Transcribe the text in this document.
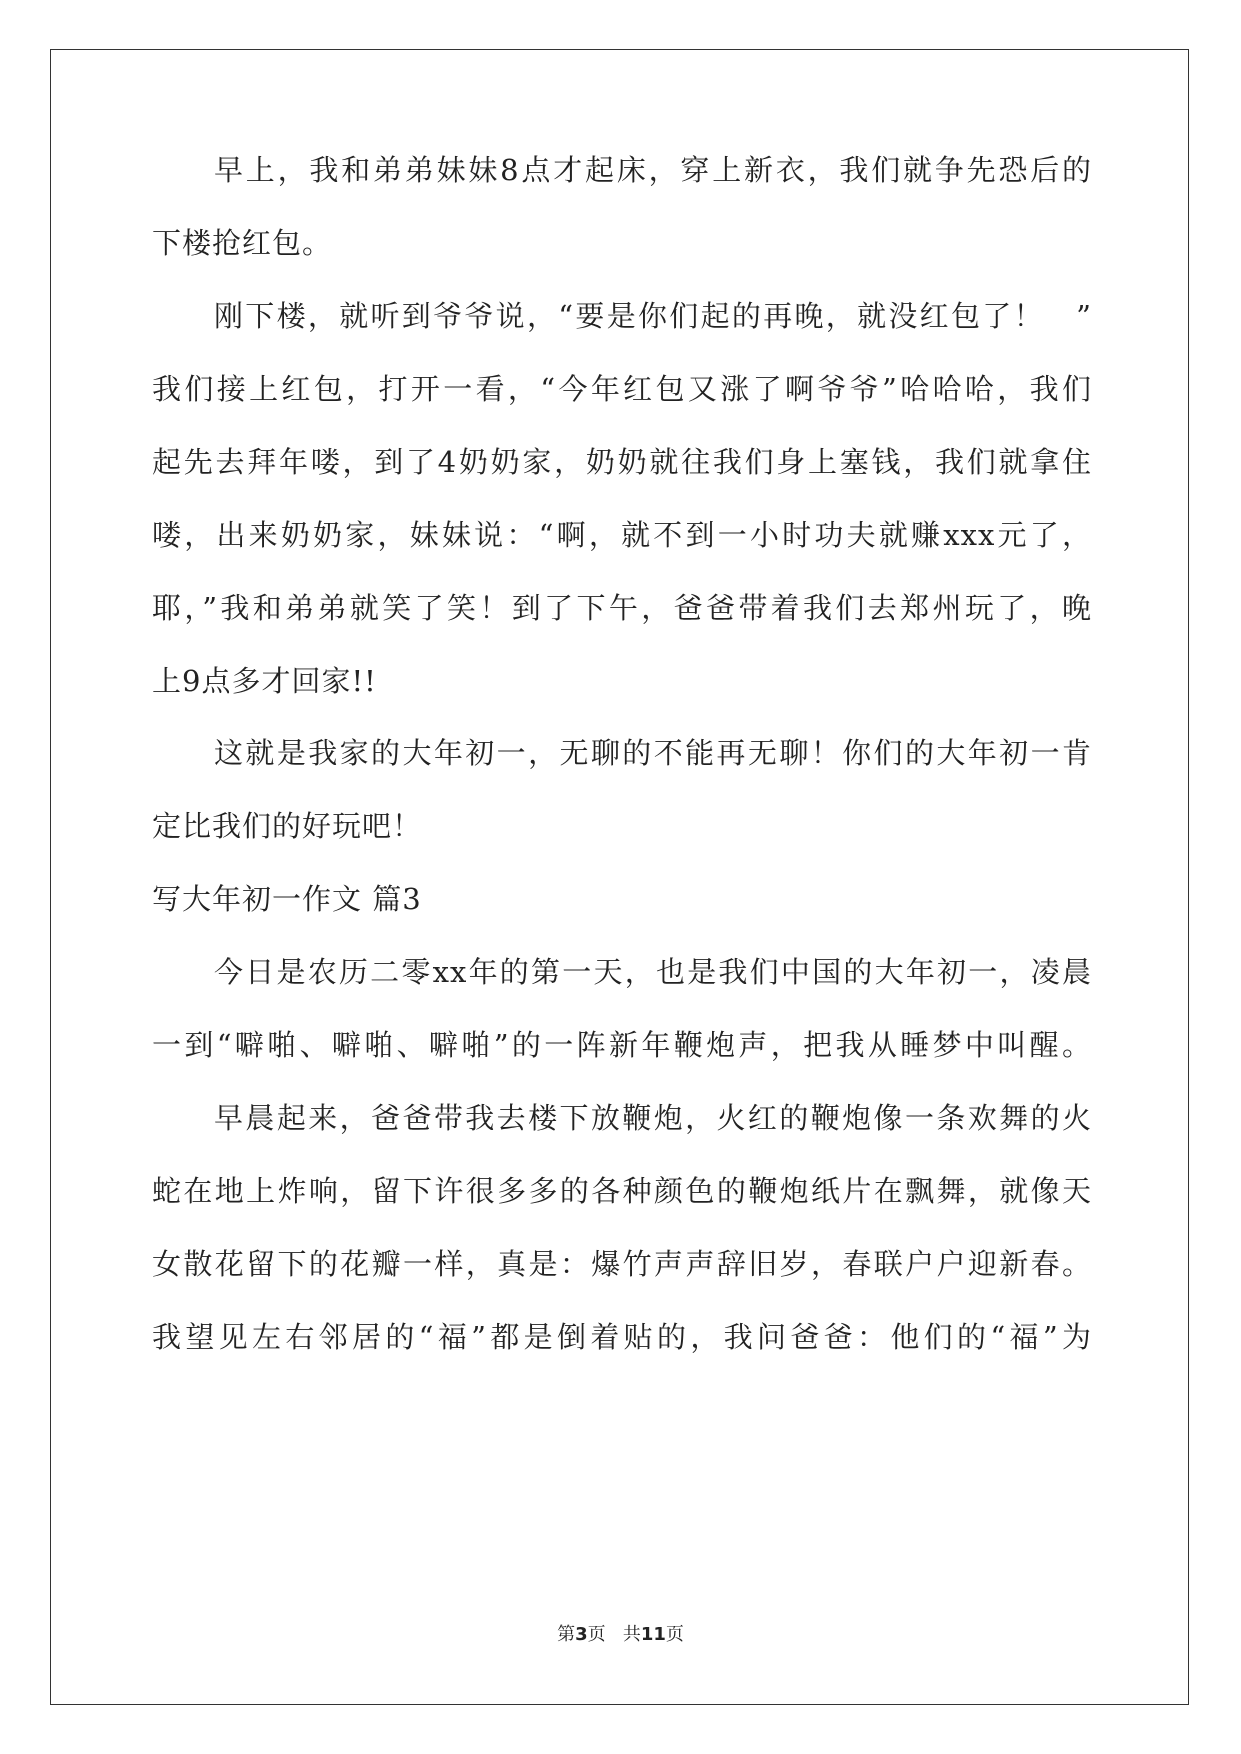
早上，我和弟弟妹妹8点才起床，穿上新衣，我们就争先恐后的
下楼抢红包。
刚下楼，就听到爷爷说，“要是你们起的再晚，就没红包了！　”
我们接上红包，打开一看，“今年红包又涨了啊爷爷”哈哈哈，我们
起先去拜年喽，到了4奶奶家，奶奶就往我们身上塞钱，我们就拿住
喽，出来奶奶家，妹妹说：“啊，就不到一小时功夫就赚xxx元了，
耶，”我和弟弟就笑了笑！到了下午，爸爸带着我们去郑州玩了，晚
上9点多才回家!!
这就是我家的大年初一，无聊的不能再无聊！你们的大年初一肯
定比我们的好玩吧！
写大年初一作文 篇3
今日是农历二零xx年的第一天，也是我们中国的大年初一，凌晨
一到“噼啪、噼啪、噼啪”的一阵新年鞭炮声，把我从睡梦中叫醒。
早晨起来，爸爸带我去楼下放鞭炮，火红的鞭炮像一条欢舞的火
蛇在地上炸响，留下许很多多的各种颜色的鞭炮纸片在飘舞，就像天
女散花留下的花瓣一样，真是：爆竹声声辞旧岁，春联户户迎新春。
我望见左右邻居的“福”都是倒着贴的，我问爸爸：他们的“福”为
第3页 共11页
